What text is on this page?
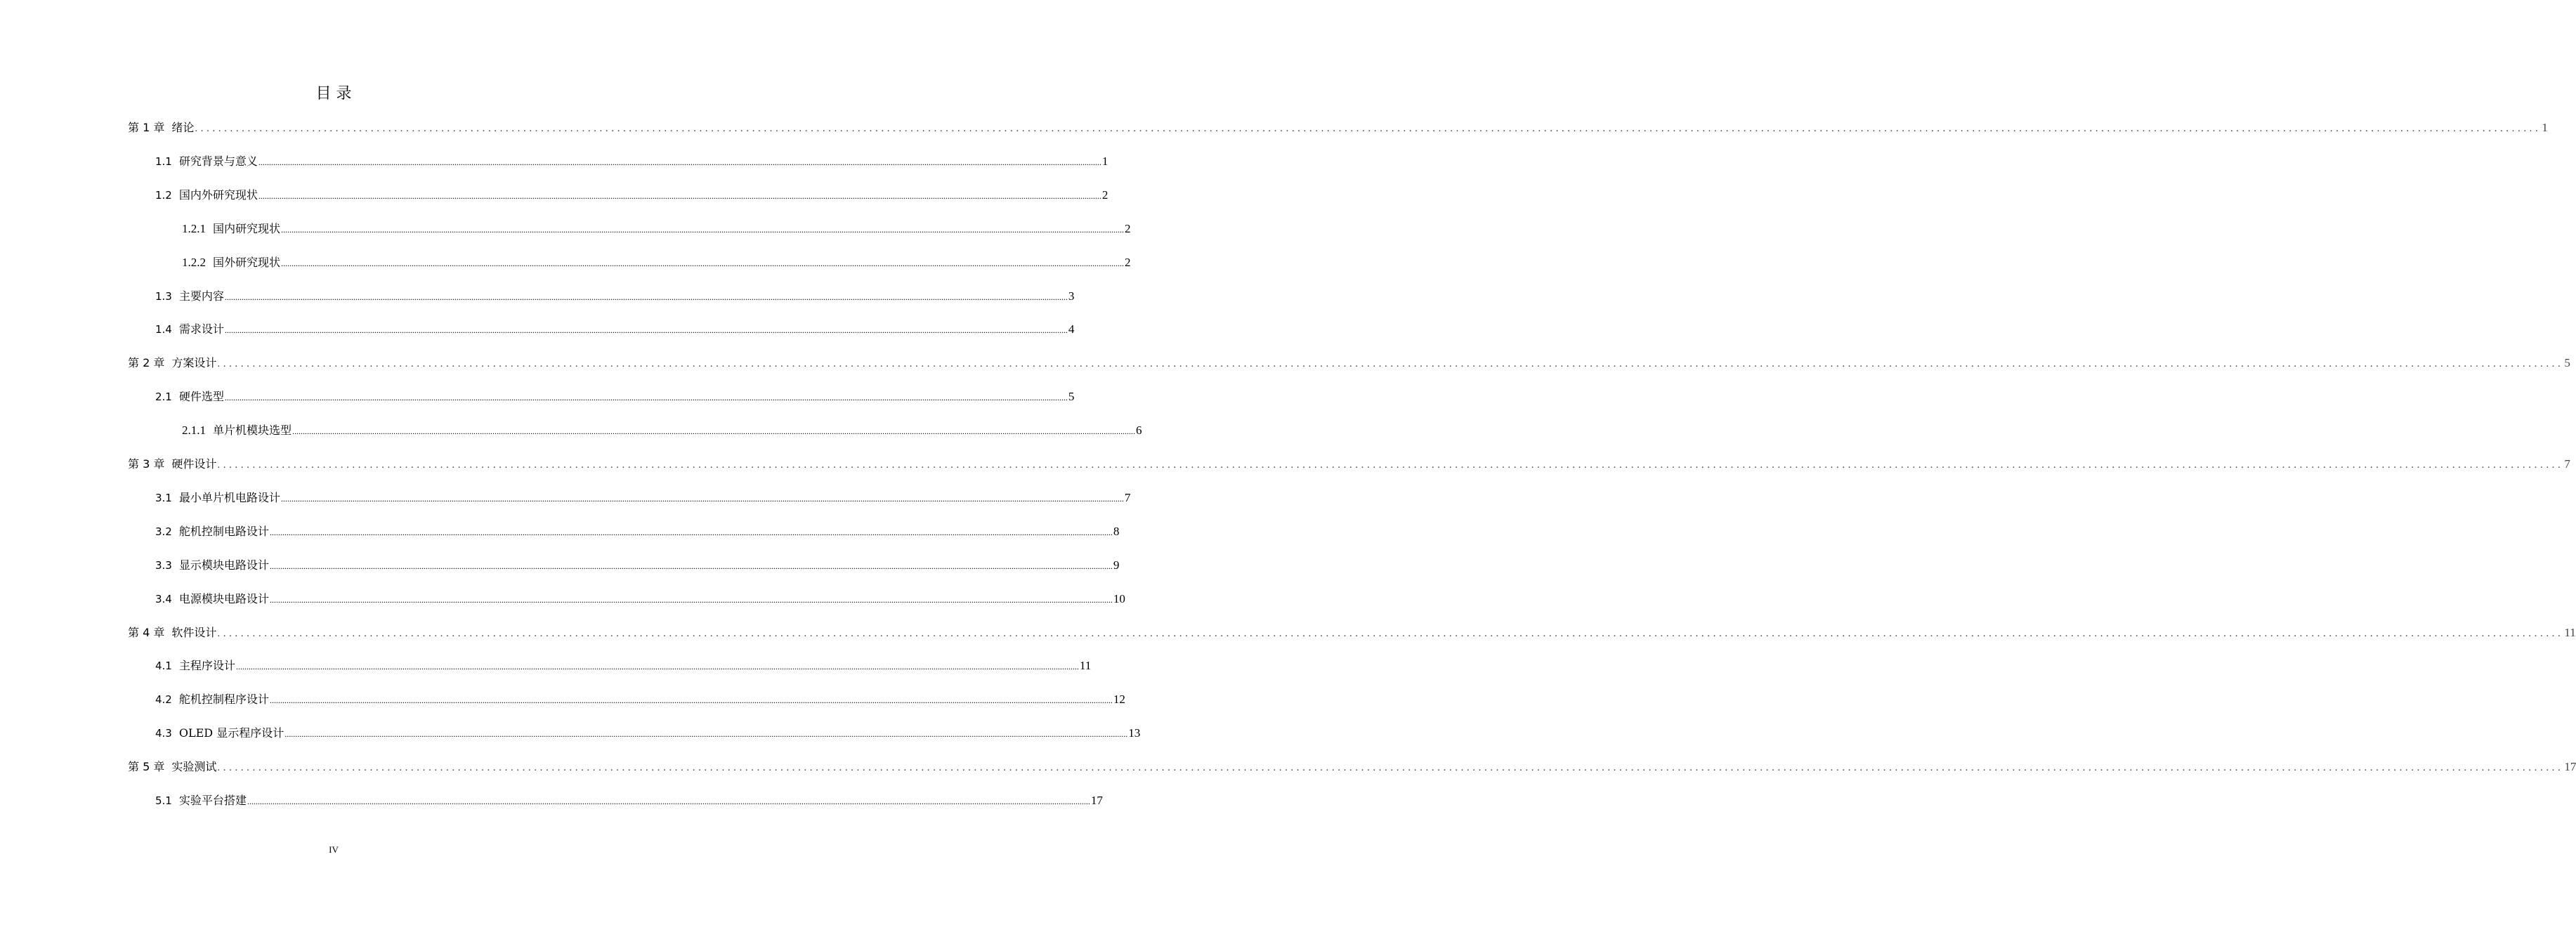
目 录
第 1 章 绪论 ................................................................................................................................................................................................................................................................................................................................................................................................................ 1
1.1 研究背景与意义 ................................................................................................................................................................................................................................................................................................................................................................................................................ 1
1.2 国内外研究现状 ................................................................................................................................................................................................................................................................................................................................................................................................................ 2
1.2.1 国内研究现状 ................................................................................................................................................................................................................................................................................................................................................................................................................ 2
1.2.2 国外研究现状 ................................................................................................................................................................................................................................................................................................................................................................................................................ 2
1.3 主要内容 ................................................................................................................................................................................................................................................................................................................................................................................................................ 3
1.4 需求设计 ................................................................................................................................................................................................................................................................................................................................................................................................................ 4
第 2 章 方案设计 ................................................................................................................................................................................................................................................................................................................................................................................................................ 5
2.1 硬件选型 ................................................................................................................................................................................................................................................................................................................................................................................................................ 5
2.1.1 单片机模块选型 ................................................................................................................................................................................................................................................................................................................................................................................................................ 6
第 3 章 硬件设计 ................................................................................................................................................................................................................................................................................................................................................................................................................ 7
3.1 最小单片机电路设计 ................................................................................................................................................................................................................................................................................................................................................................................................................ 7
3.2 舵机控制电路设计 ................................................................................................................................................................................................................................................................................................................................................................................................................ 8
3.3 显示模块电路设计 ................................................................................................................................................................................................................................................................................................................................................................................................................ 9
3.4 电源模块电路设计 ................................................................................................................................................................................................................................................................................................................................................................................................................ 10
第 4 章 软件设计 ................................................................................................................................................................................................................................................................................................................................................................................................................ 11
4.1 主程序设计 ................................................................................................................................................................................................................................................................................................................................................................................................................ 11
4.2 舵机控制程序设计 ................................................................................................................................................................................................................................................................................................................................................................................................................ 12
4.3 OLED 显示程序设计 ................................................................................................................................................................................................................................................................................................................................................................................................................ 13
第 5 章 实验测试 ................................................................................................................................................................................................................................................................................................................................................................................................................ 17
5.1 实验平台搭建 ................................................................................................................................................................................................................................................................................................................................................................................................................ 17
IV
